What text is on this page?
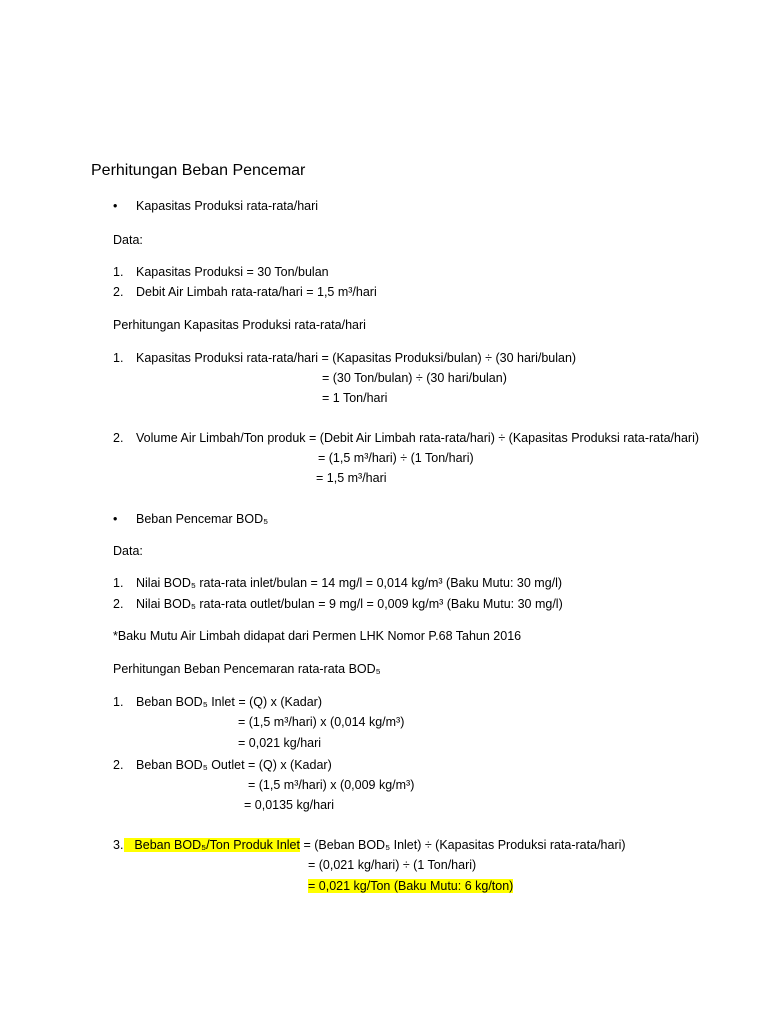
Perhitungan Beban Pencemar
• Kapasitas Produksi rata-rata/hari
Data:
1. Kapasitas Produksi = 30 Ton/bulan
2. Debit Air Limbah rata-rata/hari = 1,5 m³/hari
Perhitungan Kapasitas Produksi rata-rata/hari
1. Kapasitas Produksi rata-rata/hari = (Kapasitas Produksi/bulan) ÷ (30 hari/bulan)
= (30 Ton/bulan) ÷ (30 hari/bulan)
= 1 Ton/hari
2. Volume Air Limbah/Ton produk = (Debit Air Limbah rata-rata/hari) ÷ (Kapasitas Produksi rata-rata/hari)
= (1,5 m³/hari) ÷ (1 Ton/hari)
= 1,5 m³/hari
• Beban Pencemar BOD₅
Data:
1. Nilai BOD₅ rata-rata inlet/bulan = 14 mg/l = 0,014 kg/m³ (Baku Mutu: 30 mg/l)
2. Nilai BOD₅ rata-rata outlet/bulan = 9 mg/l = 0,009 kg/m³ (Baku Mutu: 30 mg/l)
*Baku Mutu Air Limbah didapat dari Permen LHK Nomor P.68 Tahun 2016
Perhitungan Beban Pencemaran rata-rata BOD₅
1. Beban BOD₅ Inlet = (Q) x (Kadar)
= (1,5 m³/hari) x (0,014 kg/m³)
= 0,021 kg/hari
2. Beban BOD₅ Outlet = (Q) x (Kadar)
= (1,5 m³/hari) x (0,009 kg/m³)
= 0,0135 kg/hari
3. Beban BOD₅/Ton Produk Inlet = (Beban BOD₅ Inlet) ÷ (Kapasitas Produksi rata-rata/hari)
= (0,021 kg/hari) ÷ (1 Ton/hari)
= 0,021 kg/Ton (Baku Mutu: 6 kg/ton)
